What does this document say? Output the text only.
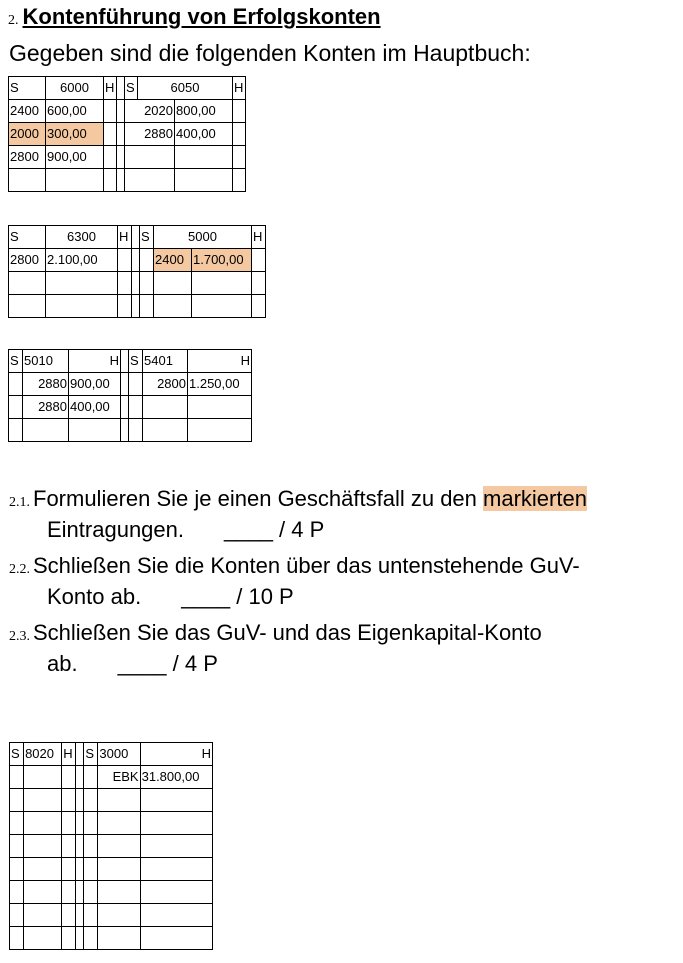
2. Kontenführung von Erfolgskonten
Gegeben sind die folgenden Konten im Hauptbuch:
S	6000	H		S	6050		H
2400	600,00			2020		800,00	
2000	300,00			2880		400,00	
2800	900,00						

S	6300	H		S	5000		H
2800	2.100,00				2400	1.700,00	

S	5010	H		S	5401	H
	2880	900,00			2800	1.250,00
	2880	400,00				

2.1. Formulieren Sie je einen Geschäftsfall zu den markierten
Eintragungen. ____ / 4 P
2.2. Schließen Sie die Konten über das untenstehende GuV-
Konto ab. ____ / 10 P
2.3. Schließen Sie das GuV- und das Eigenkapital-Konto
ab. ____ / 4 P
S	8020	H		S	3000	H
					EBK	31.800,00
